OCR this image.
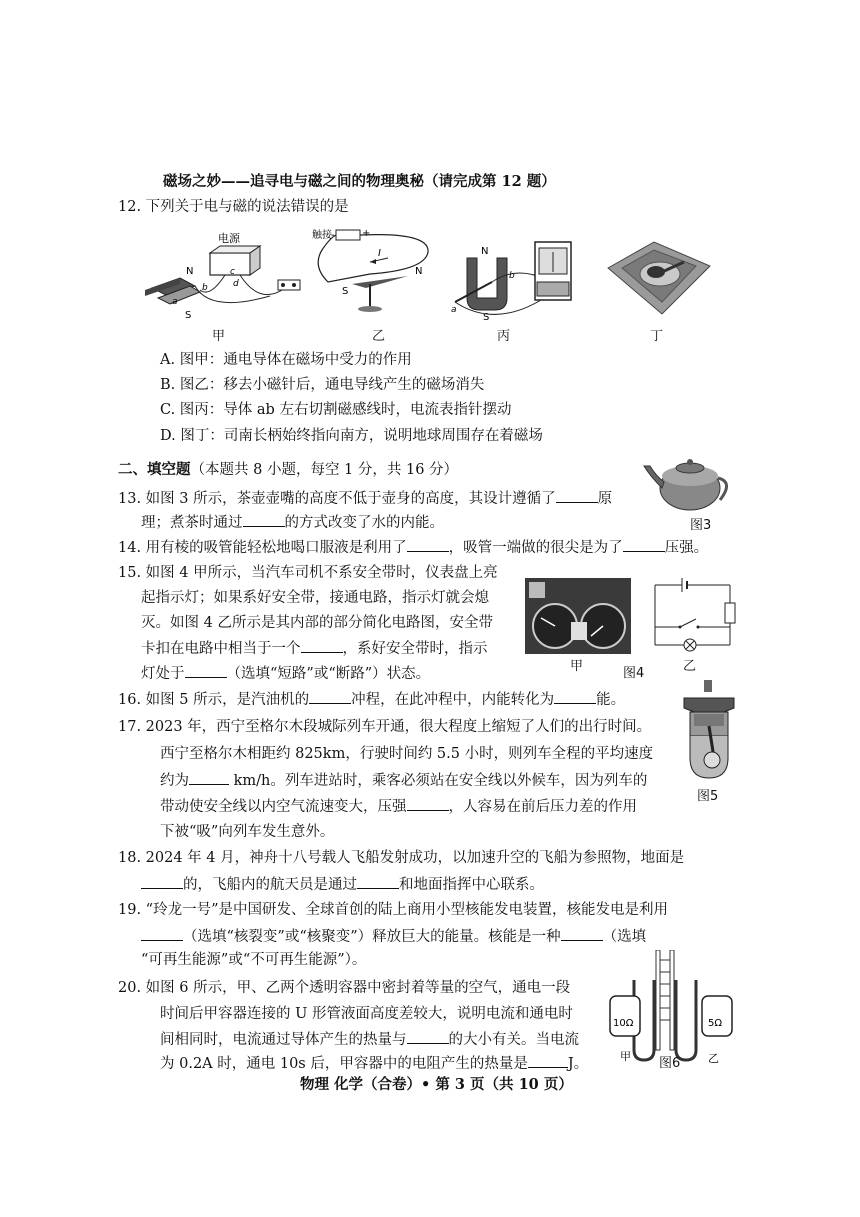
磁场之妙——追寻电与磁之间的物理奥秘（请完成第 12 题）
12. 下列关于电与磁的说法错误的是
电源
N
S
b
a
c
d
甲
触接	+
-
I
N
S
乙
N
S
a
b
丙	丁
A. 图甲：通电导体在磁场中受力的作用
B. 图乙：移去小磁针后，通电导线产生的磁场消失
C. 图丙：导体 ab 左右切割磁感线时，电流表指针摆动
D. 图丁：司南长柄始终指向南方，说明地球周围存在着磁场
二、填空题（本题共 8 小题，每空 1 分，共 16 分）
13. 如图 3 所示，茶壶壶嘴的高度不低于壶身的高度，其设计遵循了	原
理；煮茶时通过	的方式改变了水的内能。	图3
14. 用有棱的吸管能轻松地喝口服液是利用了	，吸管一端做的很尖是为了	压强。
15. 如图 4 甲所示，当汽车司机不系安全带时，仪表盘上亮
起指示灯；如果系好安全带，接通电路，指示灯就会熄
灭。如图 4 乙所示是其内部的部分简化电路图，安全带
卡扣在电路中相当于一个	，系好安全带时，指示
灯处于	（选填“短路”或“断路”）状态。	甲	图4	乙
16. 如图 5 所示，是汽油机的	冲程，在此冲程中，内能转化为	能。
图5
17. 2023 年，西宁至格尔木段城际列车开通，很大程度上缩短了人们的出行时间。
西宁至格尔木相距约 825km，行驶时间约 5.5 小时，则列车全程的平均速度
约为	km/h。列车进站时，乘客必须站在安全线以外候车，因为列车的
带动使安全线以内空气流速变大，压强	，人容易在前后压力差的作用
下被“吸”向列车发生意外。
18. 2024 年 4 月，神舟十八号载人飞船发射成功，以加速升空的飞船为参照物，地面是
的，飞船内的航天员是通过	和地面指挥中心联系。
19. “玲龙一号”是中国研发、全球首创的陆上商用小型核能发电装置，核能发电是利用
（选填“核裂变”或“核聚变”）释放巨大的能量。核能是一种	（选填
“可再生能源”或“不可再生能源”）。
20. 如图 6 所示，甲、乙两个透明容器中密封着等量的空气，通电一段
时间后甲容器连接的 U 形管液面高度差较大，说明电流和通电时
间相同时，电流通过导体产生的热量与	的大小有关。当电流
为 0.2A 时，通电 10s 后，甲容器中的电阻产生的热量是	J。
10Ω	5Ω
甲	乙
图6
物理 化学（合卷）• 第 3 页（共 10 页）
